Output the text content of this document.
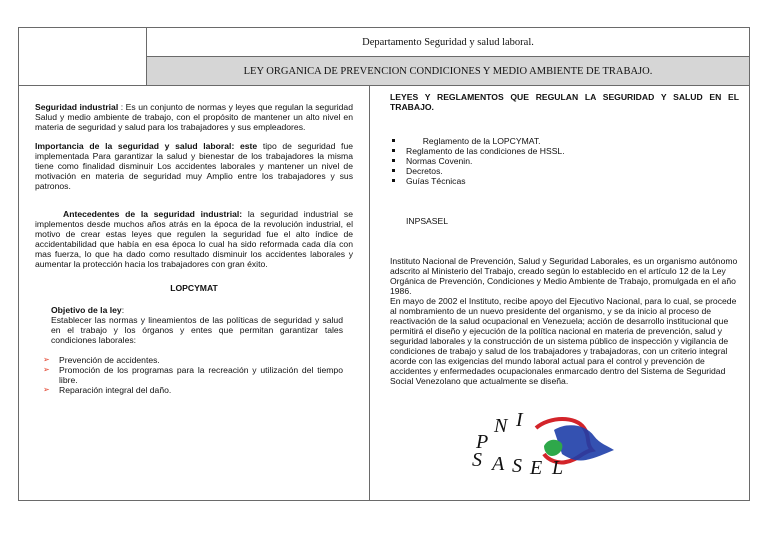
Departamento Seguridad y salud laboral.
LEY ORGANICA DE PREVENCION CONDICIONES Y MEDIO AMBIENTE DE TRABAJO.

Seguridad industrial : Es un conjunto de normas y leyes que regulan la seguridad Salud y medio ambiente de trabajo, con el propósito de mantener un alto nivel en materia de seguridad y salud para los trabajadores y sus empleadores.

Importancia de la seguridad y salud laboral: este tipo de seguridad fue implementada Para garantizar la salud y bienestar de los trabajadores la misma tiene como finalidad disminuir Los accidentes laborales y mantener un nivel de motivación en materia de seguridad muy Amplio entre los trabajadores y sus patronos.

Antecedentes de la seguridad industrial: la seguridad industrial se implementos desde muchos años atrás en la época de la revolución industrial, el motivo de crear estas leyes que regulen la seguridad fue el alto índice de accidentabilidad que había en esa época lo cual ha sido reformada cada día con mas fuerza, lo que ha dado como resultado disminuir los accidentes laborales y aumentar la protección hacia los trabajadores con gran éxito.

LOPCYMAT

Objetivo de la ley:

Establecer las normas y lineamientos de las políticas de seguridad y salud en el trabajo y los órganos y entes que permitan garantizar tales condiciones laborales:

➢ Prevención de accidentes.
➢ Promoción de los programas para la recreación y utilización del tiempo libre.
➢ Reparación integral del daño.

LEYES Y REGLAMENTOS QUE REGULAN LA SEGURIDAD Y SALUD EN EL TRABAJO.

Reglamento de la LOPCYMAT.
Reglamento de las condiciones de HSSL.
Normas Covenin.
Decretos.
Guías Técnicas

INPSASEL

Instituto Nacional de Prevención, Salud y Seguridad Laborales, es un organismo autónomo adscrito al Ministerio del Trabajo, creado según lo establecido en el artículo 12 de la Ley Orgánica de Prevención, Condiciones y Medio Ambiente de Trabajo, promulgada en el año 1986.

En mayo de 2002 el Instituto, recibe apoyo del Ejecutivo Nacional, para lo cual, se procede al nombramiento de un nuevo presidente del organismo, y se da inicio al proceso de reactivación de la salud ocupacional en Venezuela; acción de desarrollo institucional que permitirá el diseño y ejecución de la política nacional en materia de prevención, salud y seguridad laborales y la construcción de un sistema público de inspección y vigilancia de condiciones de trabajo y salud de los trabajadores y trabajadoras, con un criterio integral acorde con las exigencias del mundo laboral actual para el control y prevención de accidentes y enfermedades ocupacionales enmarcado dentro del Sistema de Seguridad Social Venezolano que actualmente se diseña.

N I
P
S A S E L
